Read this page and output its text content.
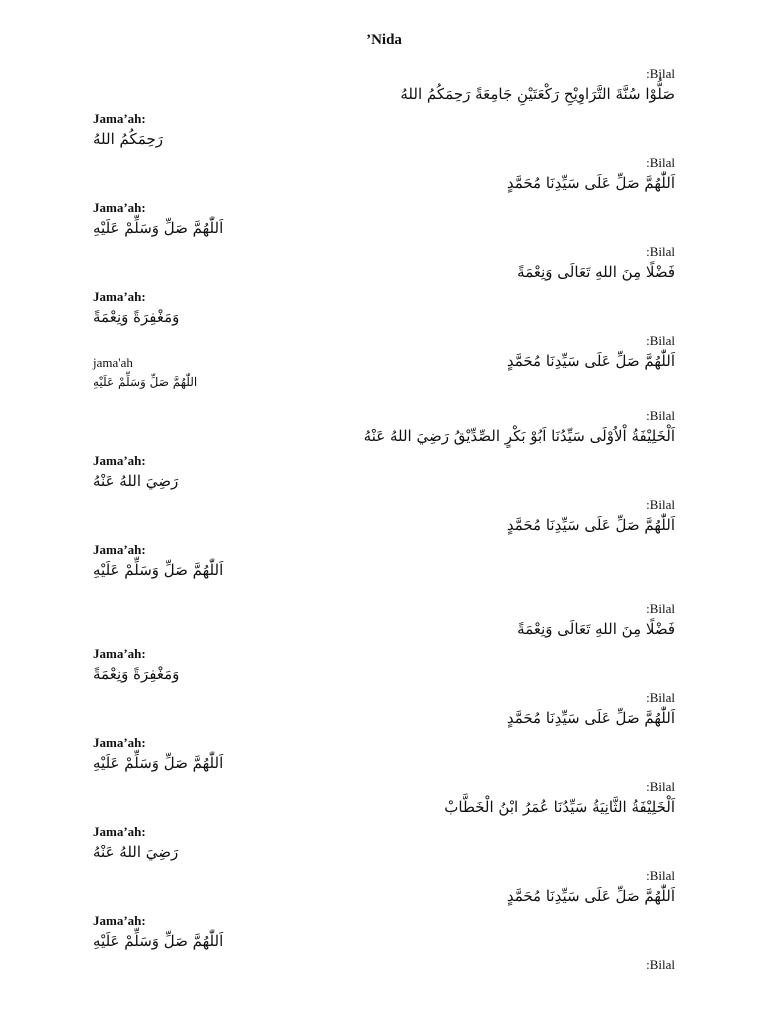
’Nida
:Bilal
صَلُّوْا سُنَّةَ التَّرَاوِيْحِ رَكْعَتَيْنِ جَامِعَةً رَحِمَكُمُ اللهُ
Jama’ah:
رَحِمَكُمُ اللهُ
:Bilal
اَللّٰهُمَّ صَلِّ عَلَى سَيِّدِنَا مُحَمَّدٍ
Jama’ah:
اَللّٰهُمَّ صَلِّ وَسَلِّمْ عَلَيْهِ
:Bilal
فَضْلًا مِنَ اللهِ تَعَالَى وَنِعْمَةً
Jama’ah:
وَمَغْفِرَةً وَنِعْمَةً
:Bilal
اَللّٰهُمَّ صَلِّ عَلَى سَيِّدِنَا مُحَمَّدٍ
jama'ah
اللّٰهُمَّ صَلِّ وَسَلِّمْ عَلَيْهِ
:Bilal
اَلْخَلِيْفَةُ اْلاُوْلَى سَيِّدُنَا اَبُوْ بَكْرٍ الصِّدِّيْقُ رَضِيَ اللهُ عَنْهُ
Jama’ah:
رَضِيَ اللهُ عَنْهُ
:Bilal
اَللّٰهُمَّ صَلِّ عَلَى سَيِّدِنَا مُحَمَّدٍ
Jama’ah:
اَللّٰهُمَّ صَلِّ وَسَلِّمْ عَلَيْهِ
:Bilal
فَضْلًا مِنَ اللهِ تَعَالَى وَنِعْمَةً
Jama’ah:
وَمَغْفِرَةً وَنِعْمَةً
:Bilal
اَللّٰهُمَّ صَلِّ عَلَى سَيِّدِنَا مُحَمَّدٍ
Jama’ah:
اَللّٰهُمَّ صَلِّ وَسَلِّمْ عَلَيْهِ
:Bilal
اَلْخَلِيْفَةُ الثَّانِيَةُ سَيِّدُنَا عُمَرُ ابْنُ الْخَطَّابْ
Jama’ah:
رَضِيَ اللهُ عَنْهُ
:Bilal
اَللّٰهُمَّ صَلِّ عَلَى سَيِّدِنَا مُحَمَّدٍ
Jama’ah:
اَللّٰهُمَّ صَلِّ وَسَلِّمْ عَلَيْهِ
:Bilal
